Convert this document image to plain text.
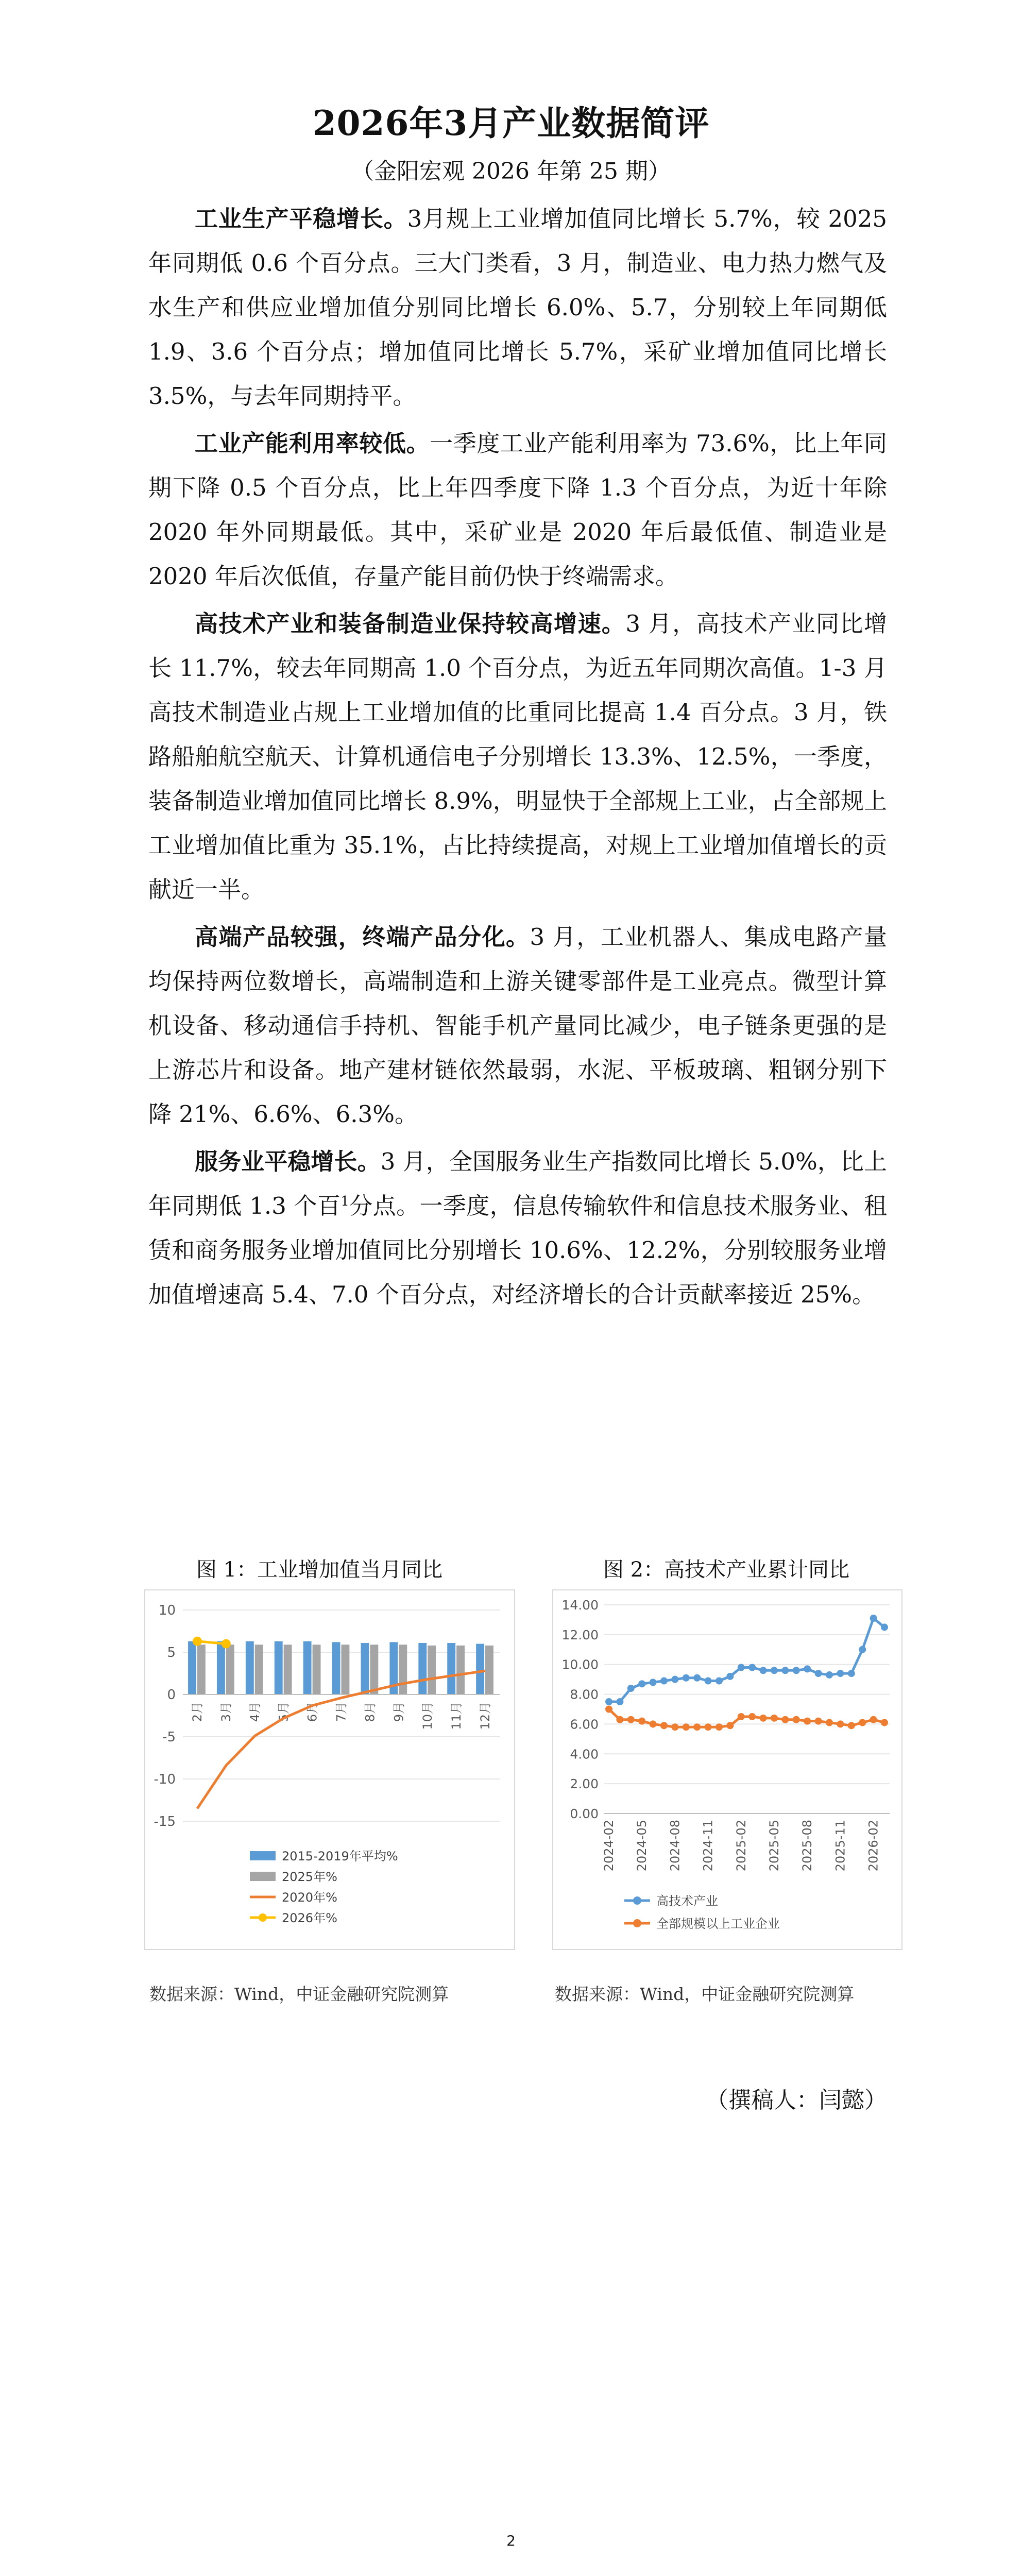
2026年3月产业数据简评
（金阳宏观 2026 年第 25 期）

工业生产平稳增长。3月规上工业增加值同比增长 5.7%，较 2025 年同期低 0.6 个百分点。三大门类看，3 月，制造业、电力热力燃气及水生产和供应业增加值分别同比增长 6.0%、5.7，分别较上年同期低 1.9、3.6 个百分点；增加值同比增长 5.7%，采矿业增加值同比增长 3.5%，与去年同期持平。

工业产能利用率较低。一季度工业产能利用率为 73.6%，比上年同期下降 0.5 个百分点，比上年四季度下降 1.3 个百分点，为近十年除 2020 年外同期最低。其中，采矿业是 2020 年后最低值、制造业是 2020 年后次低值，存量产能目前仍快于终端需求。

高技术产业和装备制造业保持较高增速。3 月，高技术产业同比增长 11.7%，较去年同期高 1.0 个百分点，为近五年同期次高值。1-3 月高技术制造业占规上工业增加值的比重同比提高 1.4 百分点。3 月，铁路船舶航空航天、计算机通信电子分别增长 13.3%、12.5%，一季度，装备制造业增加值同比增长 8.9%，明显快于全部规上工业，占全部规上工业增加值比重为 35.1%，占比持续提高，对规上工业增加值增长的贡献近一半。

高端产品较强，终端产品分化。3 月，工业机器人、集成电路产量均保持两位数增长，高端制造和上游关键零部件是工业亮点。微型计算机设备、移动通信手持机、智能手机产量同比减少，电子链条更强的是上游芯片和设备。地产建材链依然最弱，水泥、平板玻璃、粗钢分别下降 21%、6.6%、6.3%。

服务业平稳增长。3 月，全国服务业生产指数同比增长 5.0%，比上年同期低 1.3 个百$^1$分点。一季度，信息传输软件和信息技术服务业、租赁和商务服务业增加值同比分别增长 10.6%、12.2%，分别较服务业增加值增速高 5.4、7.0 个百分点，对经济增长的合计贡献率接近 25%。

图 1：工业增加值当月同比
10
5
0
-5
-10
-15
2月 3月 4月 5月 6月 7月 8月 9月 10月 11月 12月
2015-2019年平均%
2025年%
2020年%
2026年%
数据来源：Wind，中证金融研究院测算
图 2：高技术产业累计同比
14.00
12.00
10.00
8.00
6.00
4.00
2.00
0.00
2024-02 2024-05 2024-08 2024-11 2025-02 2025-05 2025-08 2025-11 2026-02
高技术产业
全部规模以上工业企业
数据来源：Wind，中证金融研究院测算
（撰稿人：闫懿）
2
